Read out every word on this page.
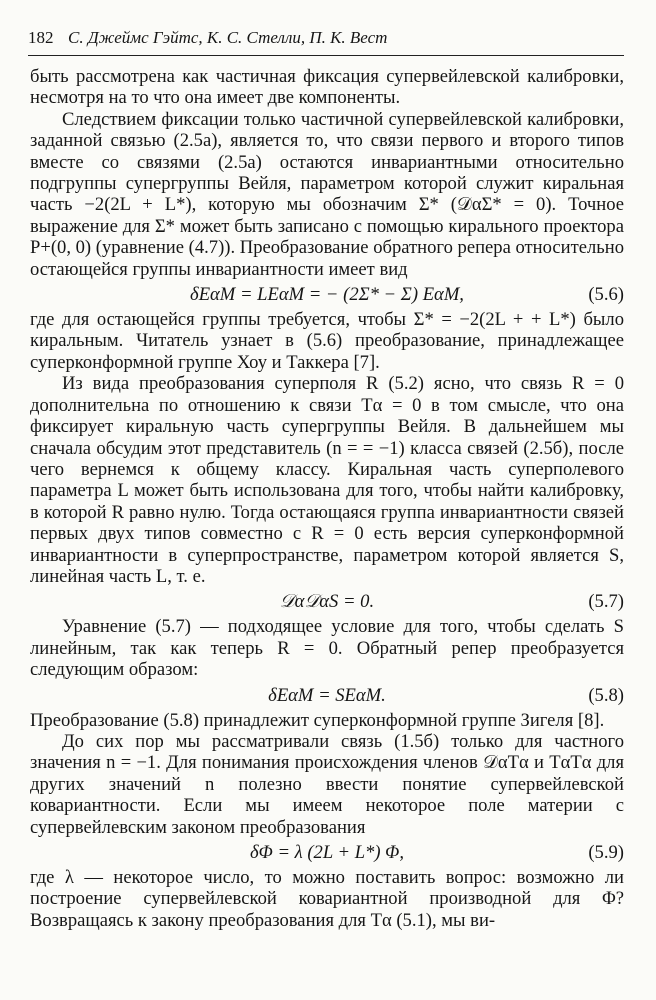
182 С. Джеймс Гэйтс, К. С. Стелли, П. К. Вест

быть рассмотрена как частичная фиксация супервейлевской калибровки, несмотря на то что она имеет две компоненты.

Следствием фиксации только частичной супервейлевской калибровки, заданной связью (2.5а), является то, что связи первого и второго типов вместе со связями (2.5а) остаются инвариантными относительно подгруппы супергруппы Вейля, параметром которой служит киральная часть −2(2L + L*), которую мы обозначим Σ* (𝒟αΣ* = 0). Точное выражение для Σ* может быть записано с помощью кирального проектора P+(0, 0) (уравнение (4.7)). Преобразование обратного репера относительно остающейся группы инвариантности имеет вид

δEαM = LEαM = − (2Σ* − Σ) EαM,	(5.6)

где для остающейся группы требуется, чтобы Σ* = −2(2L + + L*) было киральным. Читатель узнает в (5.6) преобразование, принадлежащее суперконформной группе Хоу и Таккера [7].

Из вида преобразования суперполя R (5.2) ясно, что связь R = 0 дополнительна по отношению к связи Tα = 0 в том смысле, что она фиксирует киральную часть супергруппы Вейля. В дальнейшем мы сначала обсудим этот представитель (n = = −1) класса связей (2.5б), после чего вернемся к общему классу. Киральная часть суперполевого параметра L может быть использована для того, чтобы найти калибровку, в которой R равно нулю. Тогда остающаяся группа инвариантности связей первых двух типов совместно с R = 0 есть версия суперконформной инвариантности в суперпространстве, параметром которой является S, линейная часть L, т. е.

𝒟α𝒟αS = 0.	(5.7)

Уравнение (5.7) — подходящее условие для того, чтобы сделать S линейным, так как теперь R = 0. Обратный репер преобразуется следующим образом:

δEαM = SEαM.	(5.8)

Преобразование (5.8) принадлежит суперконформной группе Зигеля [8].

До сих пор мы рассматривали связь (1.5б) только для частного значения n = −1. Для понимания происхождения членов 𝒟αTα и TαTα для других значений n полезно ввести понятие супервейлевской ковариантности. Если мы имеем некоторое поле материи с супервейлевским законом преобразования

δΦ = λ (2L + L*) Φ,	(5.9)

где λ — некоторое число, то можно поставить вопрос: возможно ли построение супервейлевской ковариантной производной для Φ? Возвращаясь к закону преобразования для Tα (5.1), мы ви-
